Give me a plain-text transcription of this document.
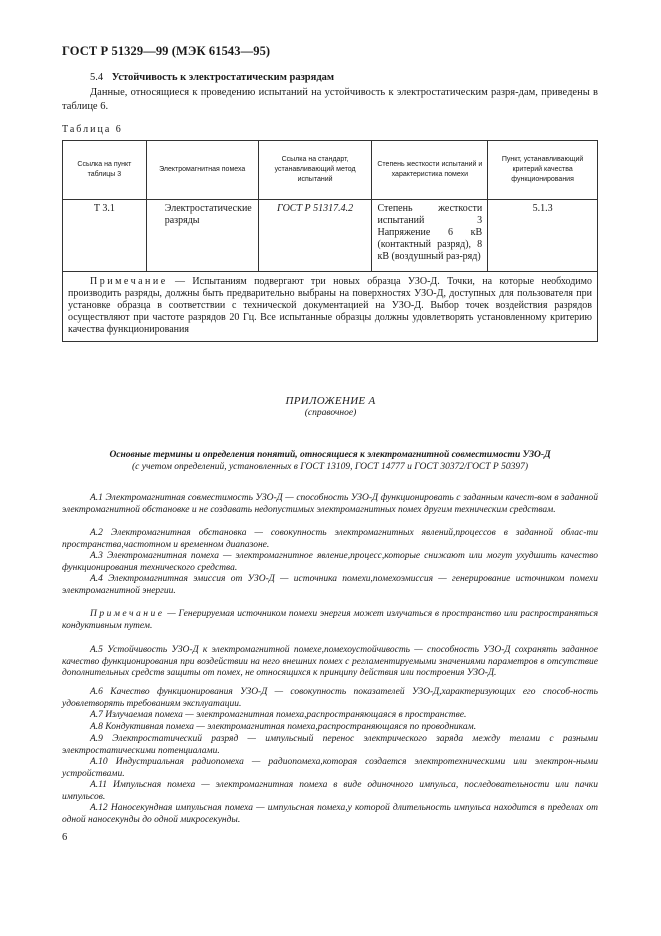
ГОСТ Р 51329—99 (МЭК 61543—95)
5.4 Устойчивость к электростатическим разрядам
Данные, относящиеся к проведению испытаний на устойчивость к электростатическим разря-дам, приведены в таблице 6.
Таблица 6
Ссылка на пункт таблицы 3	Электромагнитная помеха	Ссылка на стандарт, устанавливающий метод испытаний	Степень жесткости испытаний и характеристика помехи	Пункт, устанавливающий критерий качества функционирования
Т 3.1	Электростатические разряды	ГОСТ Р 51317.4.2	Степень жесткости испытаний 3 Напряжение 6 кВ (контактный разряд), 8 кВ (воздушный раз-ряд)	5.1.3
Примечание — Испытаниям подвергают три новых образца УЗО-Д. Точки, на которые необходимо производить разряды, должны быть предварительно выбраны на поверхностях УЗО-Д, доступных для пользователя при установке образца в соответствии с технической документацией на УЗО-Д. Выбор точек воздействия разрядов осуществляют при частоте разрядов 20 Гц. Все испытанные образцы должны удовлетворять установленному критерию качества функционирования				
ПРИЛОЖЕНИЕ А
(справочное)
Основные термины и определения понятий, относящиеся к электромагнитной совместимости УЗО-Д
(с учетом определений, установленных в ГОСТ 13109, ГОСТ 14777 и ГОСТ 30372/ГОСТ Р 50397)
А.1 Электромагнитная совместимость УЗО-Д — способность УЗО-Д функционировать с заданным качест-вом в заданной электромагнитной обстановке и не создавать недопустимых электромагнитных помех другим техническим средствам.
А.2 Электромагнитная обстановка — совокупность электромагнитных явлений,процессов в заданной облас-ти пространства,частотном и временном диапазоне.
А.3 Электромагнитная помеха — электромагнитное явление,процесс,которые снижают или могут ухудшить качество функционирования технического средства.
А.4 Электромагнитная эмиссия от УЗО-Д — источника помехи,помехоэмиссия — генерирование источником помехи электромагнитной энергии.
Примечание — Генерируемая источником помехи энергия может излучаться в пространство или распространяться кондуктивным путем.
А.5 Устойчивость УЗО-Д к электромагнитной помехе,помехоустойчивость — способность УЗО-Д сохранять заданное качество функционирования при воздействии на него внешних помех с регламентируемыми значениями параметров в отсутствие дополнительных средств защиты от помех, не относящихся к принципу действия или построения УЗО-Д.
А.6 Качество функционирования УЗО-Д — совокупность показателей УЗО-Д,характеризующих его способ-ность удовлетворять требованиям эксплуатации.
А.7 Излучаемая помеха — электромагнитная помеха,распространяющаяся в пространстве.
А.8 Кондуктивная помеха — электромагнитная помеха,распространяющаяся по проводникам.
А.9 Электростатический разряд — импульсный перенос электрического заряда между телами с разными электростатическими потенциалами.
А.10 Индустриальная радиопомеха — радиопомеха,которая создается электротехническими или электрон-ными устройствами.
А.11 Импульсная помеха — электромагнитная помеха в виде одиночного импульса, последовательности или пачки импульсов.
А.12 Наносекундная импульсная помеха — импульсная помеха,у которой длительность импульса находится в пределах от одной наносекунды до одной микросекунды.
6
